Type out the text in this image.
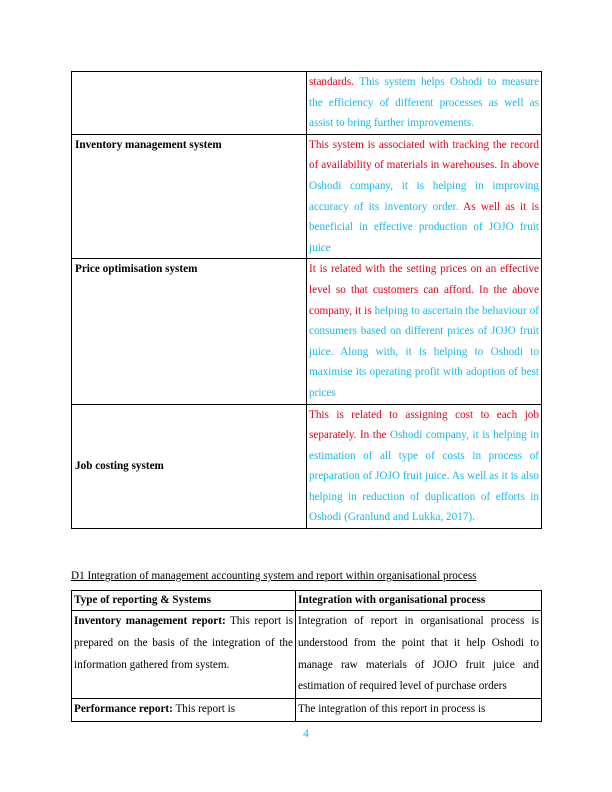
	standards. This system helps Oshodi to measure the efficiency of different processes as well as assist to bring further improvements.
Inventory management system	This system is associated with tracking the record of availability of materials in warehouses. In above Oshodi company, it is helping in improving accuracy of its inventory order. As well as it is beneficial in effective production of JOJO fruit juice
Price optimisation system	It is related with the setting prices on an effective level so that customers can afford. In the above company, it is helping to ascertain the behaviour of consumers based on different prices of JOJO fruit juice. Along with, it is helping to Oshodi to maximise its operating profit with adoption of best prices
Job costing system	This is related to assigning cost to each job separately. In the Oshodi company, it is helping in estimation of all type of costs in process of preparation of JOJO fruit juice. As well as it is also helping in reduction of duplication of efforts in Oshodi (Granlund and Lukka, 2017).
D1 Integration of management accounting system and report within organisational process
Type of reporting & Systems	Integration with organisational process
Inventory management report: This report is prepared on the basis of the integration of the information gathered from system.	Integration of report in organisational process is understood from the point that it help Oshodi to manage raw materials of JOJO fruit juice and estimation of required level of purchase orders
Performance report: This report is	The integration of this report in process is
4
